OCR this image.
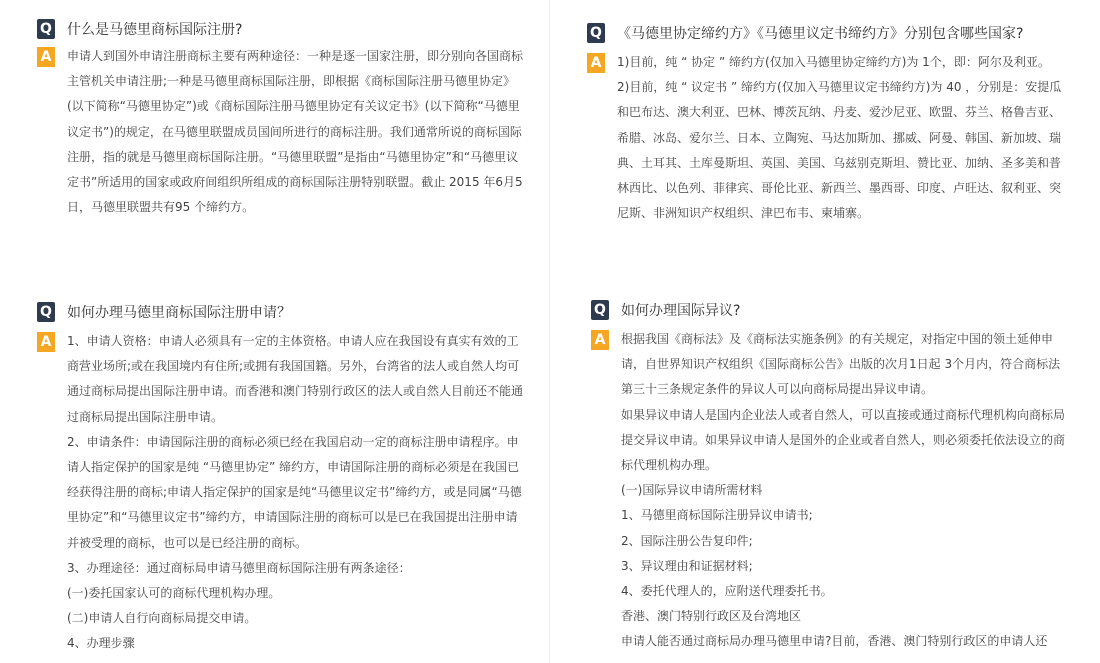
Q 什么是马德里商标国际注册?
A 申请人到国外申请注册商标主要有两种途径：一种是逐一国家注册，即分别向各国商标主管机关申请注册;一种是马德里商标国际注册，即根据《商标国际注册马德里协定》(以下简称“马德里协定”)或《商标国际注册马德里协定有关议定书》(以下简称“马德里议定书”)的规定，在马德里联盟成员国间所进行的商标注册。我们通常所说的商标国际注册，指的就是马德里商标国际注册。“马德里联盟”是指由“马德里协定”和“马德里议定书”所适用的国家或政府间组织所组成的商标国际注册特别联盟。截止 2015 年6月5日，马德里联盟共有95 个缔约方。

Q 《马德里协定缔约方》《马德里议定书缔约方》分别包含哪些国家?
A 1)目前，纯 “ 协定 ” 缔约方(仅加入马德里协定缔约方)为 1个，即：阿尔及利亚。

2)目前，纯 “ 议定书 ” 缔约方(仅加入马德里议定书缔约方)为 40 ，分别是：安提瓜和巴布达、澳大利亚、巴林、博茨瓦纳、丹麦、爱沙尼亚、欧盟、芬兰、格鲁吉亚、希腊、冰岛、爱尔兰、日本、立陶宛、马达加斯加、挪威、阿曼、韩国、新加坡、瑞典、土耳其、土库曼斯坦、英国、美国、乌兹别克斯坦、赞比亚、加纳、圣多美和普林西比、以色列、菲律宾、哥伦比亚、新西兰、墨西哥、印度、卢旺达、叙利亚、突尼斯、非洲知识产权组织、津巴布韦、柬埔寨。

Q 如何办理马德里商标国际注册申请？
A 1、申请人资格：申请人必须具有一定的主体资格。申请人应在我国设有真实有效的工商营业场所;或在我国境内有住所;或拥有我国国籍。另外，台湾省的法人或自然人均可通过商标局提出国际注册申请。而香港和澳门特别行政区的法人或自然人目前还不能通过商标局提出国际注册申请。

2、申请条件：申请国际注册的商标必须已经在我国启动一定的商标注册申请程序。申请人指定保护的国家是纯 “马德里协定” 缔约方，申请国际注册的商标必须是在我国已经获得注册的商标;申请人指定保护的国家是纯“马德里议定书”缔约方，或是同属“马德里协定”和“马德里议定书”缔约方，申请国际注册的商标可以是已在我国提出注册申请并被受理的商标，也可以是已经注册的商标。

3、办理途径：通过商标局申请马德里商标国际注册有两条途径：

(一)委托国家认可的商标代理机构办理。

(二)申请人自行向商标局提交申请。

4、办理步骤

Q 如何办理国际异议?
A 根据我国《商标法》及《商标法实施条例》的有关规定，对指定中国的领土延伸申请，自世界知识产权组织《国际商标公告》出版的次月1日起 3个月内，符合商标法第三十三条规定条件的异议人可以向商标局提出异议申请。

如果异议申请人是国内企业法人或者自然人，可以直接或通过商标代理机构向商标局提交异议申请。如果异议申请人是国外的企业或者自然人，则必须委托依法设立的商标代理机构办理。

(一)国际异议申请所需材料

1、马德里商标国际注册异议申请书;

2、国际注册公告复印件;

3、异议理由和证据材料;

4、委托代理人的，应附送代理委托书。

香港、澳门特别行政区及台湾地区

申请人能否通过商标局办理马德里申请?目前，香港、澳门特别行政区的申请人还
